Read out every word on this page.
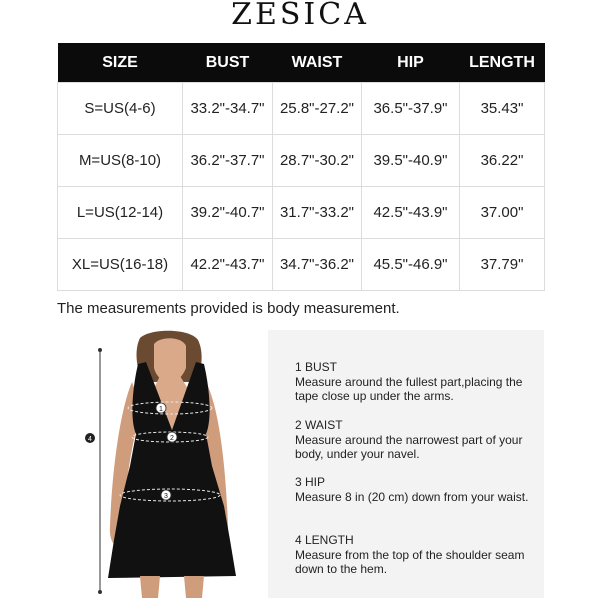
ZESICA
SIZE	BUST	WAIST	HIP	LENGTH
S=US(4-6)	33.2"-34.7"	25.8"-27.2"	36.5"-37.9"	35.43"
M=US(8-10)	36.2"-37.7"	28.7"-30.2"	39.5"-40.9"	36.22"
L=US(12-14)	39.2"-40.7"	31.7"-33.2"	42.5"-43.9"	37.00"
XL=US(16-18)	42.2"-43.7"	34.7"-36.2"	45.5"-46.9"	37.79"
The measurements provided is body measurement.
1
2
3
4
1 BUST
Measure around the fullest part,placing the tape close up under the arms.
2 WAIST
Measure around the narrowest part of your body, under your navel.
3 HIP
Measure 8 in (20 cm) down from your waist.
4 LENGTH
Measure from the top of the shoulder seam down to the hem.
